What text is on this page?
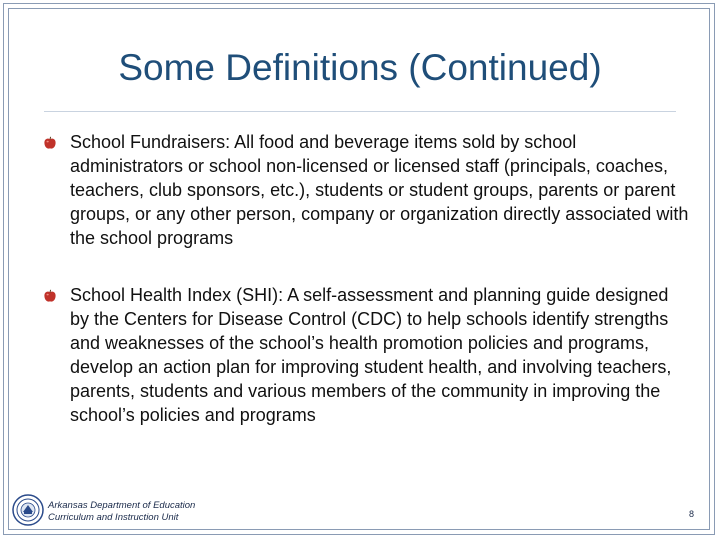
Some Definitions (Continued)
School Fundraisers: All food and beverage items sold by school administrators or school non-licensed or licensed staff (principals, coaches, teachers, club sponsors, etc.), students or student groups, parents or parent groups, or any other person, company or organization directly associated with the school programs
School Health Index (SHI): A self-assessment and planning guide designed by the Centers for Disease Control (CDC) to help schools identify strengths and weaknesses of the school’s health promotion policies and programs, develop an action plan for improving student health, and involving teachers, parents, students and various members of the community in improving the school’s policies and programs
Arkansas Department of Education
Curriculum and Instruction Unit	8
